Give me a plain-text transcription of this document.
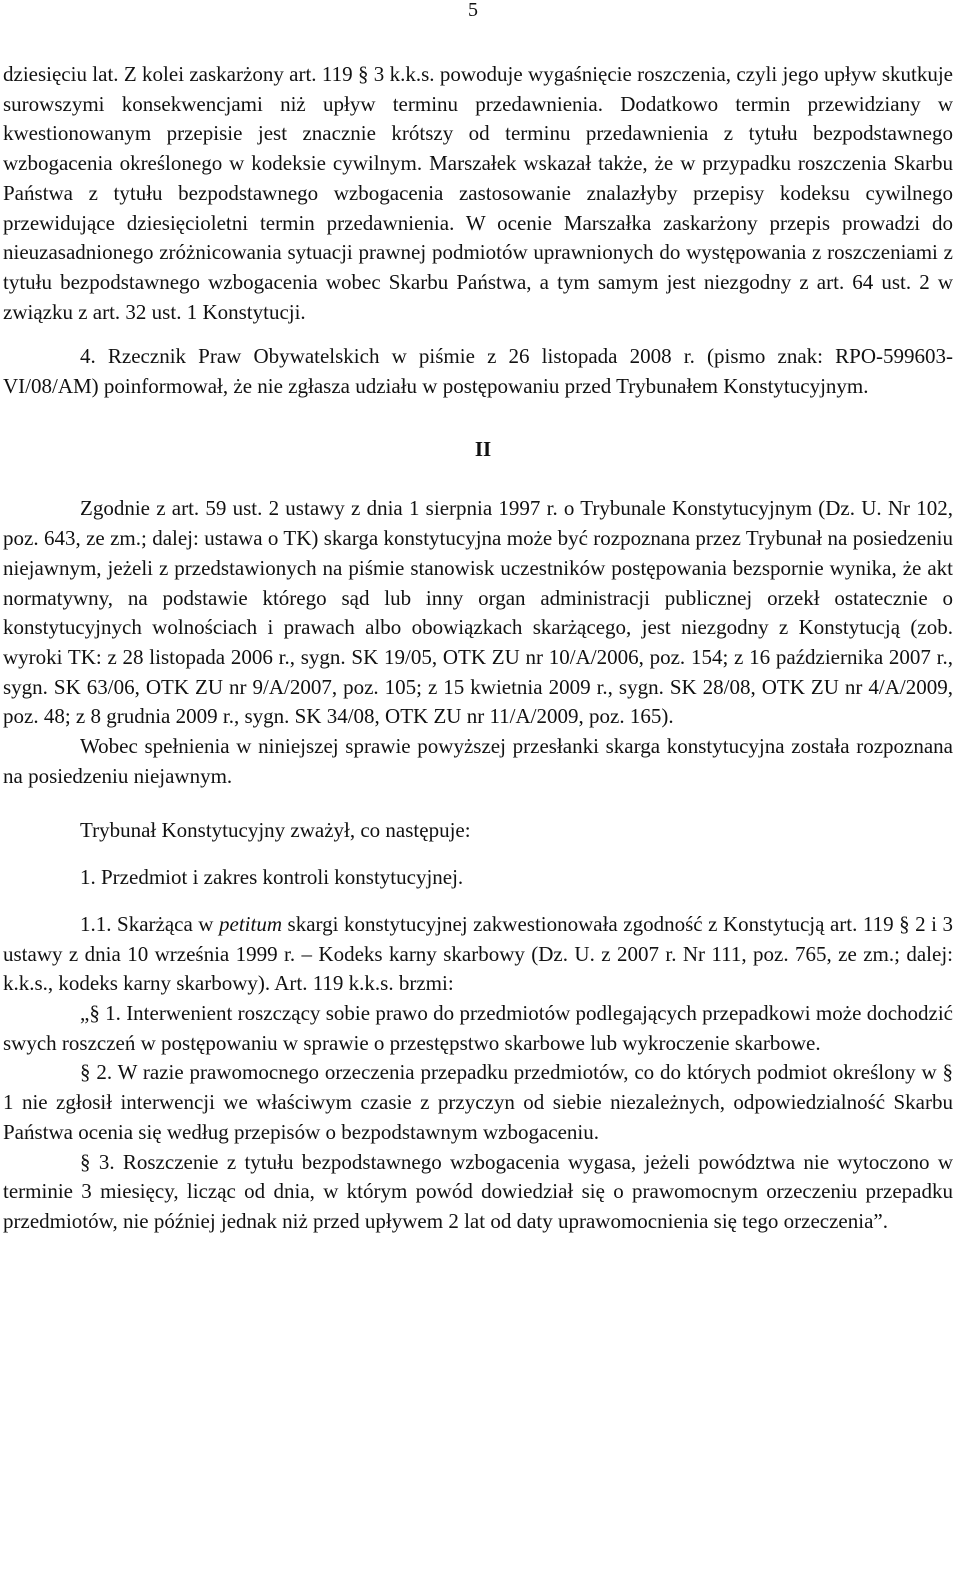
5

dziesięciu lat. Z kolei zaskarżony art. 119 § 3 k.k.s. powoduje wygaśnięcie roszczenia, czyli jego upływ skutkuje surowszymi konsekwencjami niż upływ terminu przedawnienia. Dodatkowo termin przewidziany w kwestionowanym przepisie jest znacznie krótszy od terminu przedawnienia z tytułu bezpodstawnego wzbogacenia określonego w kodeksie cywilnym. Marszałek wskazał także, że w przypadku roszczenia Skarbu Państwa z tytułu bezpodstawnego wzbogacenia zastosowanie znalazłyby przepisy kodeksu cywilnego przewidujące dziesięcioletni termin przedawnienia. W ocenie Marszałka zaskarżony przepis prowadzi do nieuzasadnionego zróżnicowania sytuacji prawnej podmiotów uprawnionych do występowania z roszczeniami z tytułu bezpodstawnego wzbogacenia wobec Skarbu Państwa, a tym samym jest niezgodny z art. 64 ust. 2 w związku z art. 32 ust. 1 Konstytucji.

4. Rzecznik Praw Obywatelskich w piśmie z 26 listopada 2008 r. (pismo znak: RPO-599603-VI/08/AM) poinformował, że nie zgłasza udziału w postępowaniu przed Trybunałem Konstytucyjnym.

II

Zgodnie z art. 59 ust. 2 ustawy z dnia 1 sierpnia 1997 r. o Trybunale Konstytucyjnym (Dz. U. Nr 102, poz. 643, ze zm.; dalej: ustawa o TK) skarga konstytucyjna może być rozpoznana przez Trybunał na posiedzeniu niejawnym, jeżeli z przedstawionych na piśmie stanowisk uczestników postępowania bezspornie wynika, że akt normatywny, na podstawie którego sąd lub inny organ administracji publicznej orzekł ostatecznie o konstytucyjnych wolnościach i prawach albo obowiązkach skarżącego, jest niezgodny z Konstytucją (zob. wyroki TK: z 28 listopada 2006 r., sygn. SK 19/05, OTK ZU nr 10/A/2006, poz. 154; z 16 października 2007 r., sygn. SK 63/06, OTK ZU nr 9/A/2007, poz. 105; z 15 kwietnia 2009 r., sygn. SK 28/08, OTK ZU nr 4/A/2009, poz. 48; z 8 grudnia 2009 r., sygn. SK 34/08, OTK ZU nr 11/A/2009, poz. 165).

Wobec spełnienia w niniejszej sprawie powyższej przesłanki skarga konstytucyjna została rozpoznana na posiedzeniu niejawnym.

Trybunał Konstytucyjny zważył, co następuje:

1. Przedmiot i zakres kontroli konstytucyjnej.

1.1. Skarżąca w petitum skargi konstytucyjnej zakwestionowała zgodność z Konstytucją art. 119 § 2 i 3 ustawy z dnia 10 września 1999 r. – Kodeks karny skarbowy (Dz. U. z 2007 r. Nr 111, poz. 765, ze zm.; dalej: k.k.s., kodeks karny skarbowy). Art. 119 k.k.s. brzmi:

„§ 1. Interwenient roszczący sobie prawo do przedmiotów podlegających przepadkowi może dochodzić swych roszczeń w postępowaniu w sprawie o przestępstwo skarbowe lub wykroczenie skarbowe.

§ 2. W razie prawomocnego orzeczenia przepadku przedmiotów, co do których podmiot określony w § 1 nie zgłosił interwencji we właściwym czasie z przyczyn od siebie niezależnych, odpowiedzialność Skarbu Państwa ocenia się według przepisów o bezpodstawnym wzbogaceniu.

§ 3. Roszczenie z tytułu bezpodstawnego wzbogacenia wygasa, jeżeli powództwa nie wytoczono w terminie 3 miesięcy, licząc od dnia, w którym powód dowiedział się o prawomocnym orzeczeniu przepadku przedmiotów, nie później jednak niż przed upływem 2 lat od daty uprawomocnienia się tego orzeczenia”.
